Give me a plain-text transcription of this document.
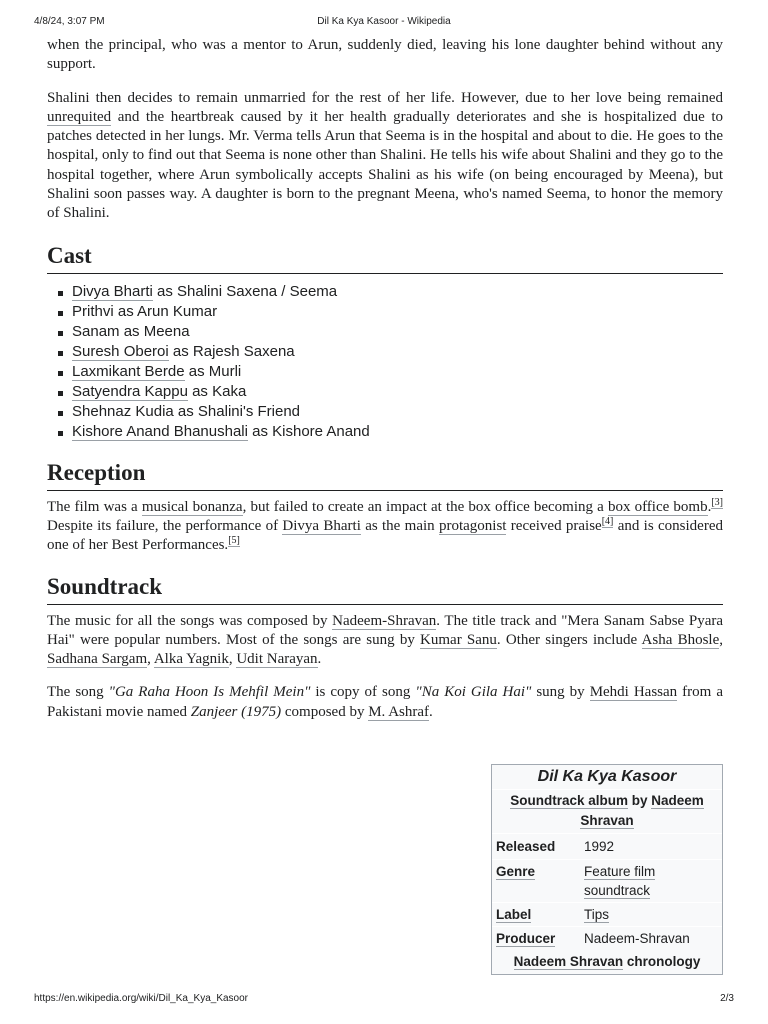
4/8/24, 3:07 PM	Dil Ka Kya Kasoor - Wikipedia

when the principal, who was a mentor to Arun, suddenly died, leaving his lone daughter behind without any support.

Shalini then decides to remain unmarried for the rest of her life. However, due to her love being remained unrequited and the heartbreak caused by it her health gradually deteriorates and she is hospitalized due to patches detected in her lungs. Mr. Verma tells Arun that Seema is in the hospital and about to die. He goes to the hospital, only to find out that Seema is none other than Shalini. He tells his wife about Shalini and they go to the hospital together, where Arun symbolically accepts Shalini as his wife (on being encouraged by Meena), but Shalini soon passes way. A daughter is born to the pregnant Meena, who's named Seema, to honor the memory of Shalini.

Cast
Divya Bharti as Shalini Saxena / Seema
Prithvi as Arun Kumar
Sanam as Meena
Suresh Oberoi as Rajesh Saxena
Laxmikant Berde as Murli
Satyendra Kappu as Kaka
Shehnaz Kudia as Shalini's Friend
Kishore Anand Bhanushali as Kishore Anand
Reception

The film was a musical bonanza, but failed to create an impact at the box office becoming a box office bomb.[3] Despite its failure, the performance of Divya Bharti as the main protagonist received praise[4] and is considered one of her Best Performances.[5]

Soundtrack

The music for all the songs was composed by Nadeem-Shravan. The title track and "Mera Sanam Sabse Pyara Hai" were popular numbers. Most of the songs are sung by Kumar Sanu. Other singers include Asha Bhosle, Sadhana Sargam, Alka Yagnik, Udit Narayan.

The song "Ga Raha Hoon Is Mehfil Mein" is copy of song "Na Koi Gila Hai" sung by Mehdi Hassan from a Pakistani movie named Zanjeer (1975) composed by M. Ashraf.

Dil Ka Kya Kasoor
Soundtrack album by Nadeem Shravan
Released	1992
Genre	Feature film soundtrack
Label	Tips
Producer	Nadeem-Shravan
Nadeem Shravan chronology
https://en.wikipedia.org/wiki/Dil_Ka_Kya_Kasoor	2/3
